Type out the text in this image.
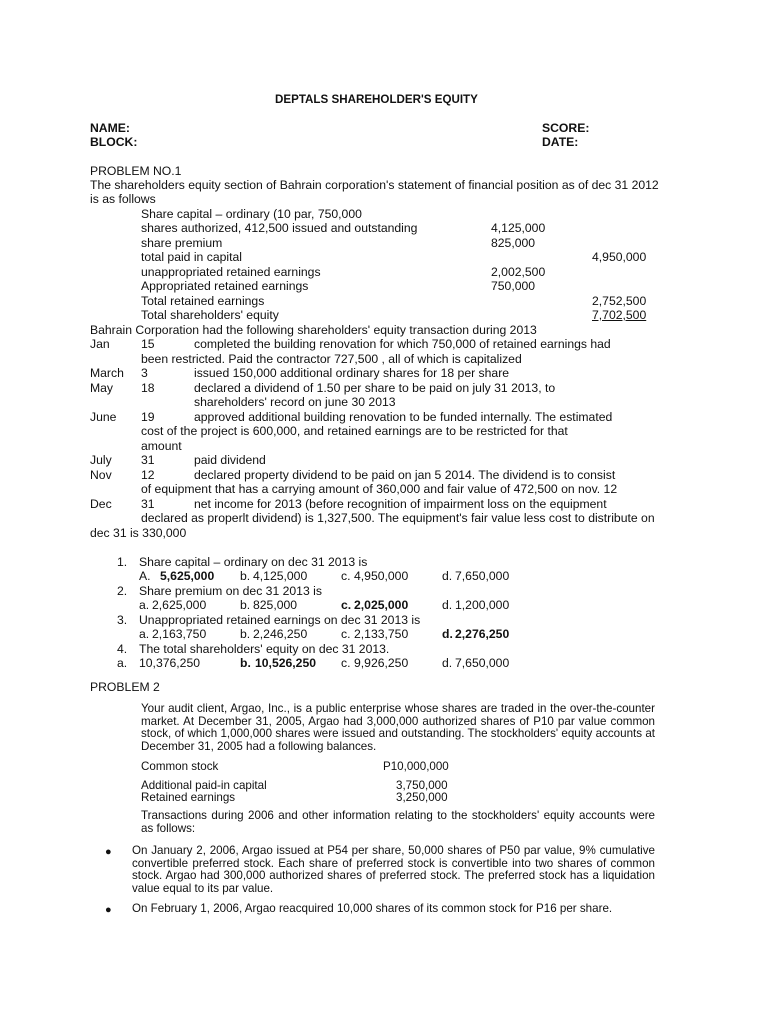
DEPTALS SHAREHOLDER'S EQUITY
NAME:
BLOCK:
SCORE:
DATE:
PROBLEM NO.1
The shareholders equity section of Bahrain corporation's statement of financial position as of dec 31 2012
is as follows
Share capital – ordinary (10 par, 750,000
shares authorized, 412,500 issued and outstanding	4,125,000
share premium	825,000
total paid in capital	4,950,000
unappropriated retained earnings	2,002,500
Appropriated retained earnings	750,000
Total retained earnings	2,752,500
Total shareholders' equity	7,702,500
Bahrain Corporation had the following shareholders' equity transaction during 2013
Jan	15	completed the building renovation for which 750,000 of retained earnings had
been restricted. Paid the contractor 727,500 , all of which is capitalized
March 3	issued 150,000 additional ordinary shares for 18 per share
May 18	declared a dividend of 1.50 per share to be paid on july 31 2013, to
shareholders' record on june 30 2013
June 19	approved additional building renovation to be funded internally. The estimated
cost of the project is 600,000, and retained earnings are to be restricted for that
amount
July 31	paid dividend
Nov 12	declared property dividend to be paid on jan 5 2014. The dividend is to consist
of equipment that has a carrying amount of 360,000 and fair value of 472,500 on nov. 12
Dec 31	net income for 2013 (before recognition of impairment loss on the equipment
declared as properlt dividend) is 1,327,500. The equipment's fair value less cost to distribute on
dec 31 is 330,000
1. Share capital – ordinary on dec 31 2013 is
A. 5,625,000 b. 4,125,000	c. 4,950,000	d. 7,650,000
2. Share premium on dec 31 2013 is
a. 2,625,000	b. 825,000	c. 2,025,000	d. 1,200,000
3. Unappropriated retained earnings on dec 31 2013 is
a. 2,163,750	b. 2,246,250	c. 2,133,750	d. 2,276,250
4. The total shareholders' equity on dec 31 2013.
a. 10,376,250	b. 10,526,250 c. 9,926,250	d. 7,650,000
PROBLEM 2
Your audit client, Argao, Inc., is a public enterprise whose shares are traded in the over-the-counter market. At December 31, 2005, Argao had 3,000,000 authorized shares of P10 par value common stock, of which 1,000,000 shares were issued and outstanding. The stockholders' equity accounts at December 31, 2005 had a following balances.
Common stock	P10,000,000
Additional paid-in capital	3,750,000
Retained earnings	3,250,000
Transactions during 2006 and other information relating to the stockholders' equity accounts were as follows:
● On January 2, 2006, Argao issued at P54 per share, 50,000 shares of P50 par value, 9% cumulative convertible preferred stock. Each share of preferred stock is convertible into two shares of common stock. Argao had 300,000 authorized shares of preferred stock. The preferred stock has a liquidation value equal to its par value.
● On February 1, 2006, Argao reacquired 10,000 shares of its common stock for P16 per share.
